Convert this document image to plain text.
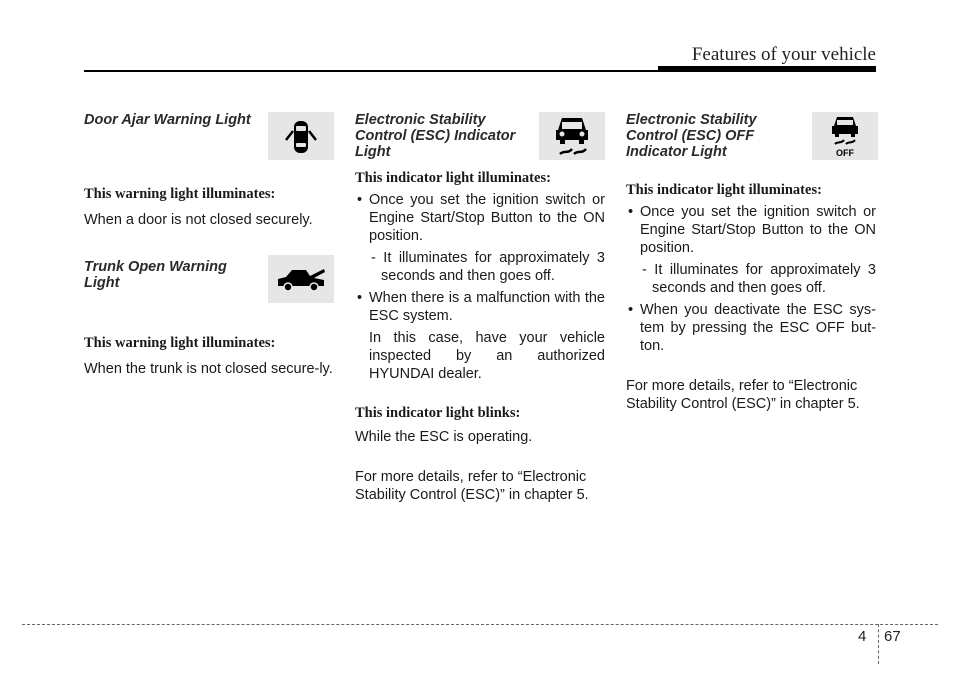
Features of your vehicle

Door Ajar Warning Light

This warning light illuminates:

When a door is not closed securely.

Trunk Open Warning Light

This warning light illuminates:

When the trunk is not closed secure-ly.

Electronic Stability Control (ESC) Indicator Light

This indicator light illuminates:

• Once you set the ignition switch or Engine Start/Stop Button to the ON position.
- It illuminates for approximately 3 seconds and then goes off.
• When there is a malfunction with the ESC system.
In this case, have your vehicle inspected by an authorized HYUNDAI dealer.

This indicator light blinks:

While the ESC is operating.

For more details, refer to “Electronic Stability Control (ESC)” in chapter 5.

Electronic Stability Control (ESC) OFF Indicator Light	OFF

This indicator light illuminates:

• Once you set the ignition switch or Engine Start/Stop Button to the ON position.
- It illuminates for approximately 3 seconds and then goes off.
• When you deactivate the ESC sys-tem by pressing the ESC OFF but-ton.

For more details, refer to “Electronic Stability Control (ESC)” in chapter 5.

4 67
